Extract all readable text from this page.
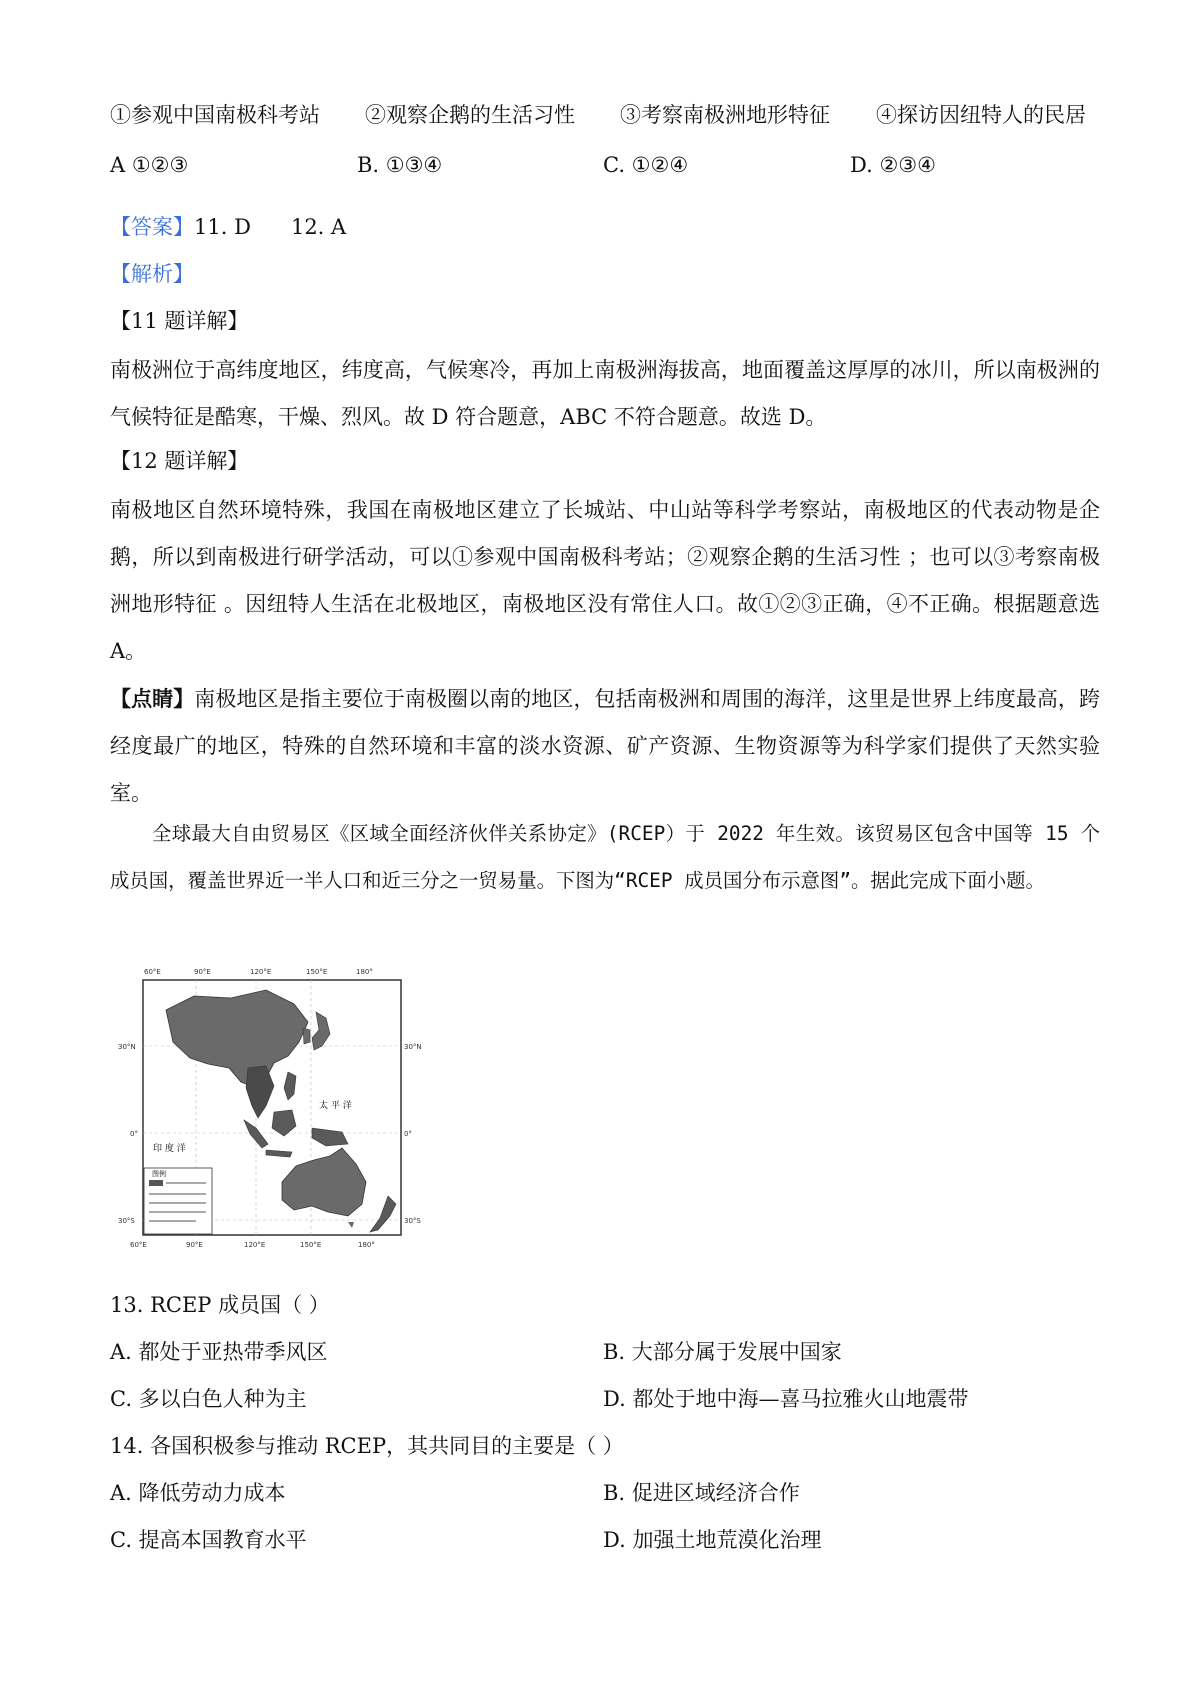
①参观中国南极科考站 ②观察企鹅的生活习性 ③考察南极洲地形特征 ④探访因纽特人的民居
A ①②③	B. ①③④	C. ①②④	D. ②③④
【答案】11. D      12. A
【解析】
【11 题详解】
南极洲位于高纬度地区，纬度高，气候寒冷，再加上南极洲海拔高，地面覆盖这厚厚的冰川，所以南极洲的气候特征是酷寒，干燥、烈风。故 D 符合题意，ABC 不符合题意。故选 D。
【12 题详解】
南极地区自然环境特殊，我国在南极地区建立了长城站、中山站等科学考察站，南极地区的代表动物是企鹅，所以到南极进行研学活动，可以①参观中国南极科考站；②观察企鹅的生活习性 ；也可以③考察南极洲地形特征 。因纽特人生活在北极地区，南极地区没有常住人口。故①②③正确，④不正确。根据题意选 A。
【点睛】南极地区是指主要位于南极圈以南的地区，包括南极洲和周围的海洋，这里是世界上纬度最高，跨经度最广的地区，特殊的自然环境和丰富的淡水资源、矿产资源、生物资源等为科学家们提供了天然实验室。
全球最大自由贸易区《区域全面经济伙伴关系协定》(RCEP）于 2022 年生效。该贸易区包含中国等 15 个成员国，覆盖世界近一半人口和近三分之一贸易量。下图为“RCEP 成员国分布示意图”。据此完成下面小题。
图例
太 平 洋
印 度 洋
60°E	90°E	120°E	150°E	180°
60°E	90°E	120°E	150°E	180°
30°N
0°
30°S
30°N
0°
30°S
13. RCEP 成员国（ ）
A. 都处于亚热带季风区	B. 大部分属于发展中国家
C. 多以白色人种为主	D. 都处于地中海—喜马拉雅火山地震带
14. 各国积极参与推动 RCEP，其共同目的主要是（ ）
A. 降低劳动力成本	B. 促进区域经济合作
C. 提高本国教育水平	D. 加强土地荒漠化治理
